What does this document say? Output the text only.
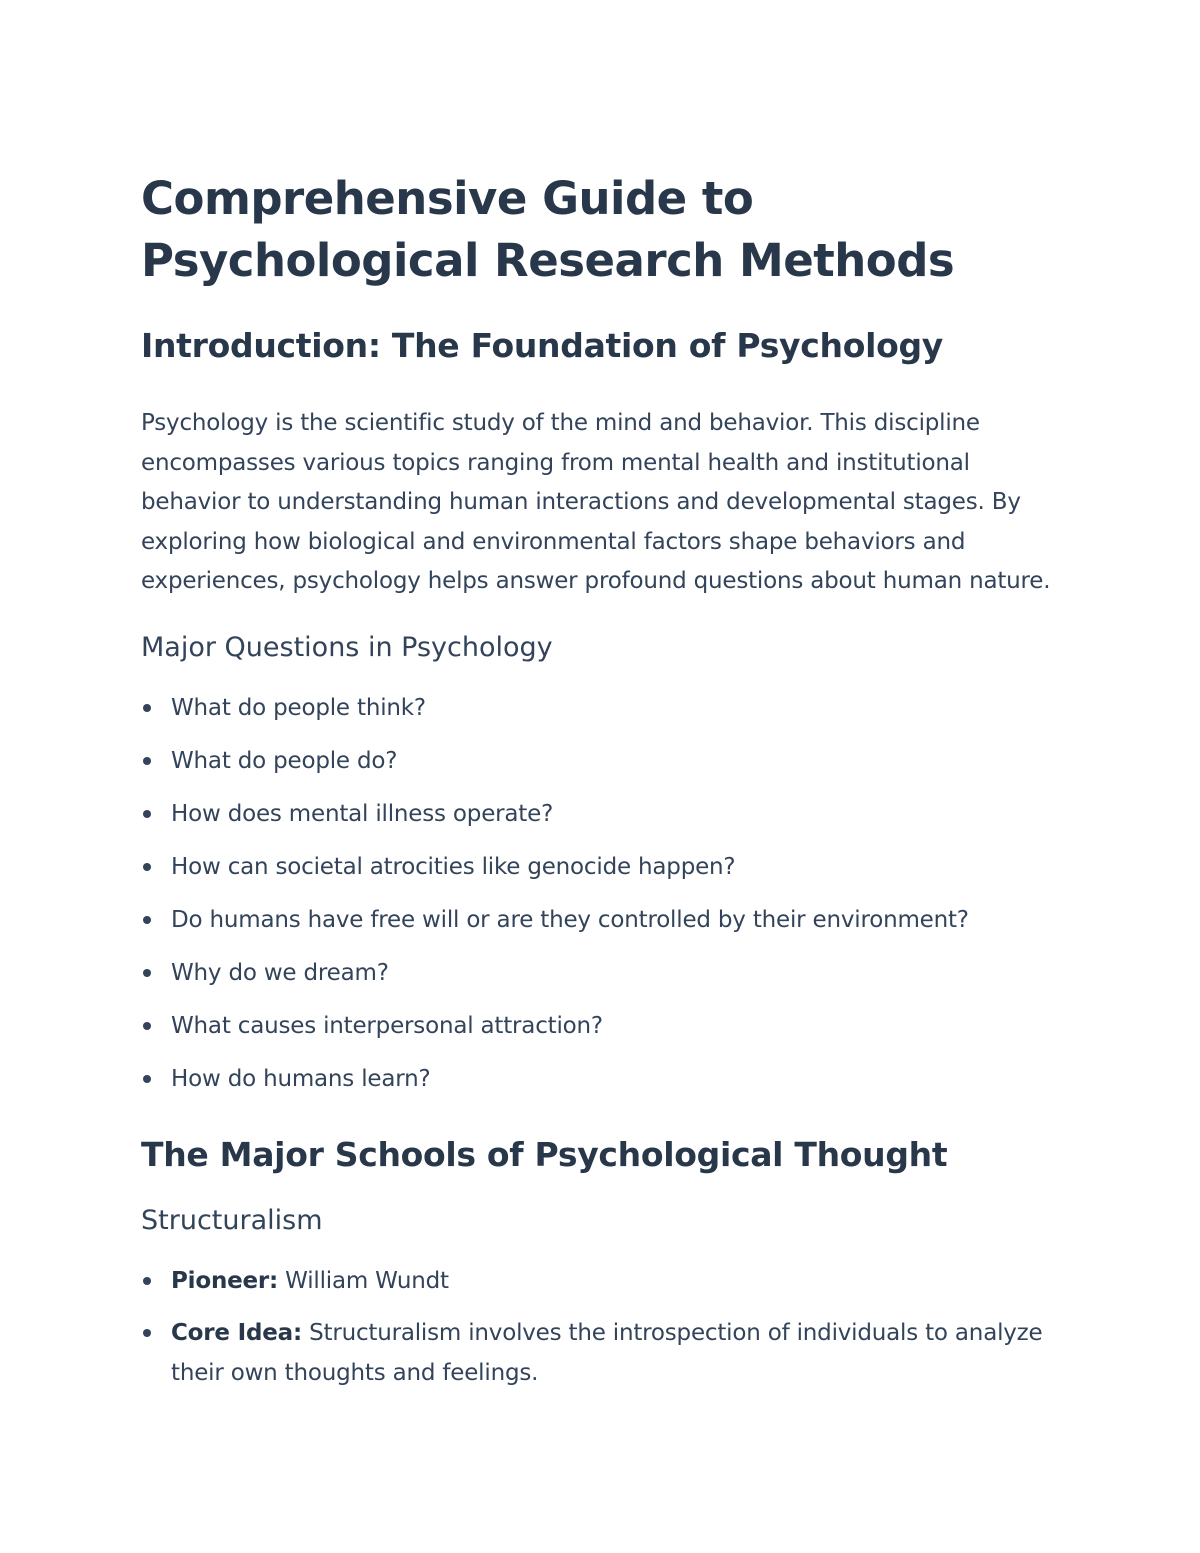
Comprehensive Guide to Psychological Research Methods
Introduction: The Foundation of Psychology

Psychology is the scientific study of the mind and behavior. This discipline encompasses various topics ranging from mental health and institutional behavior to understanding human interactions and developmental stages. By exploring how biological and environmental factors shape behaviors and experiences, psychology helps answer profound questions about human nature.

Major Questions in Psychology
What do people think?
What do people do?
How does mental illness operate?
How can societal atrocities like genocide happen?
Do humans have free will or are they controlled by their environment?
Why do we dream?
What causes interpersonal attraction?
How do humans learn?
The Major Schools of Psychological Thought
Structuralism
Pioneer: William Wundt
Core Idea: Structuralism involves the introspection of individuals to analyze their own thoughts and feelings.
